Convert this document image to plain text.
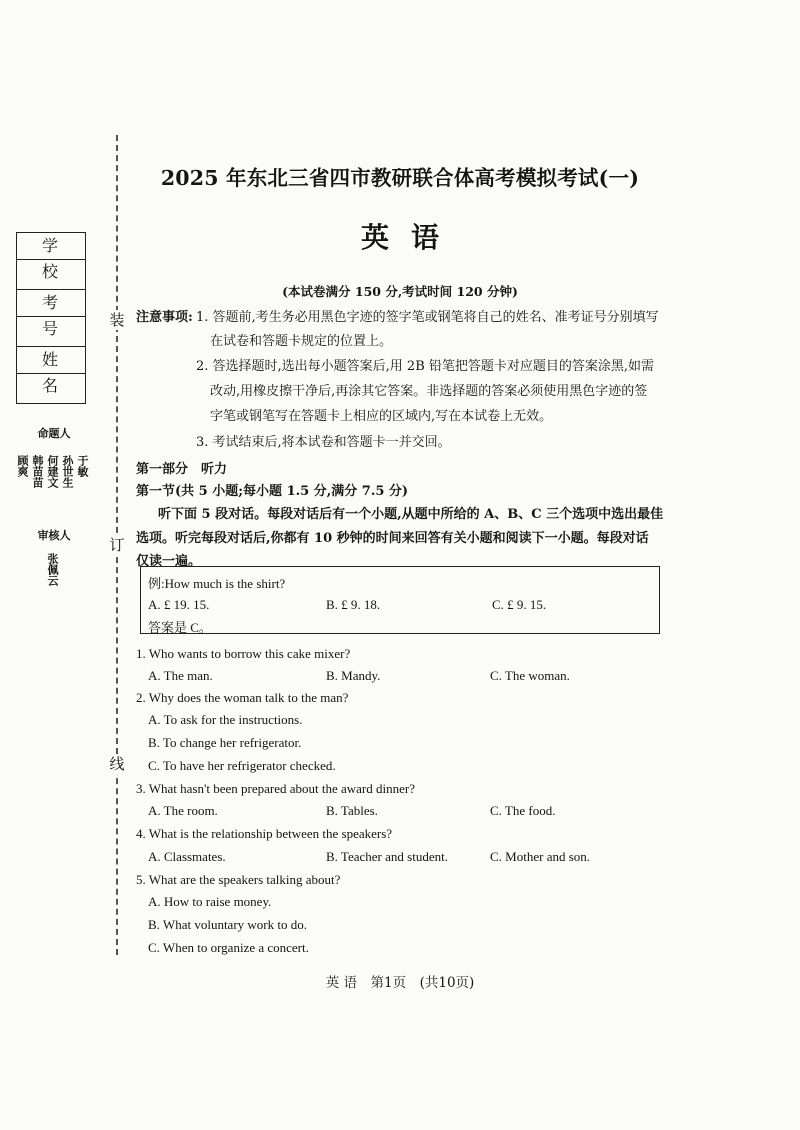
装
订
线
学 校
考 号
姓 名
命题人
于敏
孙世生
何建文
韩苗苗
顾爽
审核人
张佩云
2025 年东北三省四市教研联合体高考模拟考试(一)
英语
(本试卷满分 150 分,考试时间 120 分钟)
注意事项: 1. 答题前,考生务必用黑色字迹的签字笔或钢笔将自己的姓名、准考证号分别填写
在试卷和答题卡规定的位置上。
2. 答选择题时,选出每小题答案后,用 2B 铅笔把答题卡对应题目的答案涂黑,如需
改动,用橡皮擦干净后,再涂其它答案。非选择题的答案必须使用黑色字迹的签
字笔或钢笔写在答题卡上相应的区域内,写在本试卷上无效。
3. 考试结束后,将本试卷和答题卡一并交回。
第一部分　听力
第一节(共 5 小题;每小题 1.5 分,满分 7.5 分)
听下面 5 段对话。每段对话后有一个小题,从题中所给的 A、B、C 三个选项中选出最佳
选项。听完每段对话后,你都有 10 秒钟的时间来回答有关小题和阅读下一小题。每段对话
仅读一遍。
例:How much is the shirt?
A. £ 19. 15.	B. £ 9. 18.	C. £ 9. 15.
答案是 C。
1. Who wants to borrow this cake mixer?
A. The man.	B. Mandy.	C. The woman.
2. Why does the woman talk to the man?
A. To ask for the instructions.
B. To change her refrigerator.
C. To have her refrigerator checked.
3. What hasn't been prepared about the award dinner?
A. The room.	B. Tables.	C. The food.
4. What is the relationship between the speakers?
A. Classmates.	B. Teacher and student.	C. Mother and son.
5. What are the speakers talking about?
A. How to raise money.
B. What voluntary work to do.
C. When to organize a concert.
英 语　第1页　(共10页)
